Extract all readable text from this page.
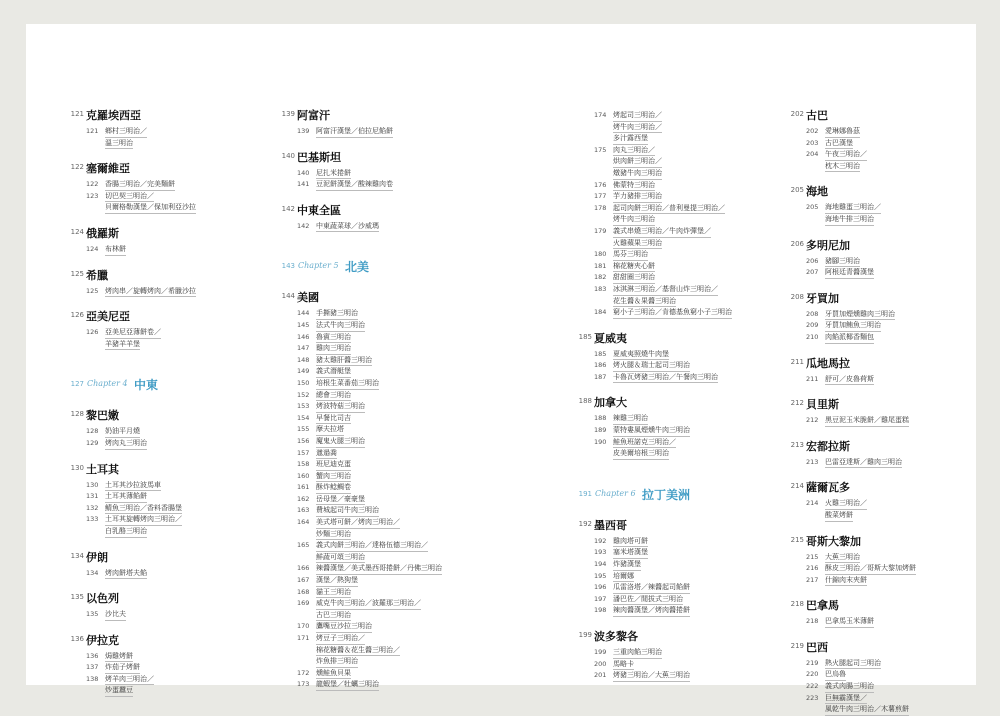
121 克羅埃西亞
121 鄉村三明治／
溫三明治
122 塞爾維亞
122 香腸三明治／完美麵餅
123 切巴契三明治／
貝爾格勒漢堡／保加利亞沙拉
124 俄羅斯
124 布林餅
125 希臘
125 烤肉串／旋轉烤肉／希臘沙拉
126 亞美尼亞
126 亞美尼亞薄餅卷／
羊豬羊羊堡
127 Chapter 4 中東
128 黎巴嫩
128 奶油平月燒
129 烤肉丸三明治
130 土耳其
130 土耳其沙拉波馬車
131 土耳其薄餡餅
132 鯖魚三明治／香料香腸堡
133 土耳其旋轉烤肉三明治／
白乳酪三明治
134 伊朗
134 烤肉餅塔夫餡
135 以色列
135 沙比夫
136 伊拉克
136 焗雞烤餅
137 炸茄子烤餅
138 烤羊肉三明治／
炒蛋蠶豆
139 阿富汗
139 阿富汗漢堡／伯拉尼餡餅
140 巴基斯坦
140 尼扎米捲餅
141 豆泥餅漢堡／酸辣雞肉卷
142 中東全區
142 中東蔬菜球／沙威瑪
143 Chapter 5 北美
144 美國
144 手撕豬三明治
145 法式牛肉三明治
146 魯賓三明治
147 雞肉三明治
148 豬太雞肝醬三明治
149 義式潛艇堡
150 培根生菜番茄三明治
152 總會三明治
153 烤波特菇三明治
154 早餐比司吉
155 摩夫拉塔
156 魔鬼火腿三明治
157 邋遢喬
158 班尼迪克蛋
160 蟹肉三明治
161 酥炸鯰鯛卷
162 岳母堡／豪豪堡
163 費城起司牛肉三明治
164 美式塔可餅／烤肉三明治／
炒麵三明治
165 義式肉餅三明治／達格伍德三明治／
鮮蔬可頌三明治
166 辣醬漢堡／美式墨西哥捲餅／丹佛三明治
167 漢堡／熱狗堡
168 貓王三明治
169 威克牛肉三明治／波羅那三明治／
古巴三明治
170 鷹嘴豆沙拉三明治
171 烤豆子三明治／
棉花糖醬＆花生醬三明治／
炸魚排三明治
172 燻鮭魚貝果
173 龍蝦堡／牡蠣三明治
174 烤起司三明治／
烤牛肉三明治／
多汁露西堡
175 肉丸三明治／
烘肉餅三明治／
燉豬牛肉三明治
176 佛蒙特三明治
177 芋力豬排三明治
178 起司肉餅三明治／普利曼提三明治／
烤牛肉三明治
179 義式串燒三明治／牛肉炸彈堡／
火雞蘋果三明治
180 馬芬三明治
181 棉花糖夾心餅
182 甜甜圈三明治
183 冰淇淋三明治／基督山炸三明治／
花生醬＆果醬三明治
184 窮小子三明治／肯德基魚窮小子三明治
185 夏威夷
185 夏威夷照燒牛肉堡
186 烤火腿＆瑞士起司三明治
187 卡魯瓦烤豬三明治／午餐肉三明治
188 加拿大
188 辣雞三明治
189 蒙特婁風煙燻牛肉三明治
190 鮭魚班諾克三明治／
皮美爾培根三明治
191 Chapter 6 拉丁美洲
192 墨西哥
192 雞肉塔可餅
193 塞米塔漢堡
194 炸豬漢堡
195 培爾娜
196 瓜雷洛塔／辣醬起司餡餅
197 潘巴佐／閒拔式三明治
198 辣肉醬漢堡／烤肉醬捲餅
199 波多黎各
199 三重肉餡三明治
200 馬略卡
201 烤豬三明治／大蕉三明治
202 古巴
202 愛琳娜魯茲
203 古巴漢堡
204 午夜三明治／
枕木三明治
205 海地
205 海地雞蛋三明治／
海地牛排三明治
206 多明尼加
206 豬腳三明治
207 阿根廷青醬漢堡
208 牙買加
208 牙買加煙燻雞肉三明治
209 牙買加鮪魚三明治
210 肉餡派椰香麵包
211 瓜地馬拉
211 舒可／皮魯荷斯
212 貝里斯
212 黑豆泥玉米脆餅／雞尾蛋糕
213 宏都拉斯
213 巴雷亞達斯／雞肉三明治
214 薩爾瓦多
214 火雞三明治／
酸菜烤餅
215 哥斯大黎加
215 大蕉三明治
216 酥皮三明治／哥斯大黎加烤餅
217 什錦肉末夾餅
218 巴拿馬
218 巴拿馬玉米薄餅
219 巴西
219 熱火腿起司三明治
220 巴烏魯
222 義式肉腸三明治
223 巨無霸漢堡／
風乾牛肉三明治／木薯煎餅
